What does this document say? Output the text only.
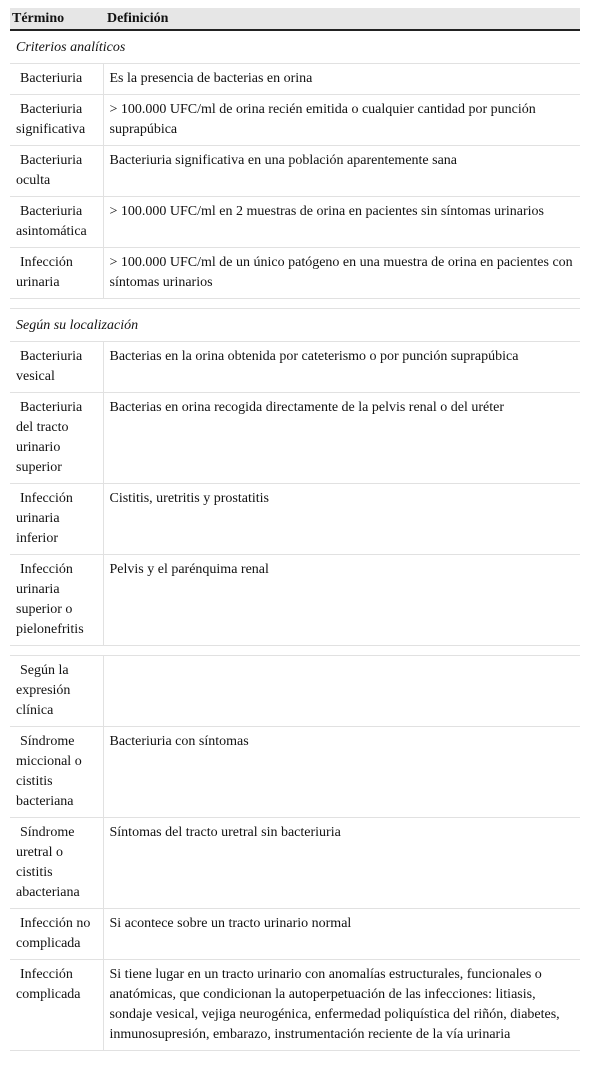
Término	Definición
Criterios analíticos	

Bacteriuria	Es la presencia de bacterias en orina

Bacteriuria significativa	> 100.000 UFC/ml de orina recién emitida o cualquier cantidad por punción suprapúbica

Bacteriuria oculta	Bacteriuria significativa en una población aparentemente sana

Bacteriuria asintomática	> 100.000 UFC/ml en 2 muestras de orina en pacientes sin síntomas urinarios

Infección urinaria	> 100.000 UFC/ml de un único patógeno en una muestra de orina en pacientes con síntomas urinarios

Según su localización	

Bacteriuria vesical	Bacterias en la orina obtenida por cateterismo o por punción suprapúbica

Bacteriuria del tracto urinario superior	Bacterias en orina recogida directamente de la pelvis renal o del uréter

Infección urinaria inferior	Cistitis, uretritis y prostatitis

Infección urinaria superior o pielonefritis	Pelvis y el parénquima renal

Según la expresión clínica	

Síndrome miccional o cistitis bacteriana	Bacteriuria con síntomas

Síndrome uretral o cistitis abacteriana	Síntomas del tracto uretral sin bacteriuria

Infección no complicada	Si acontece sobre un tracto urinario normal

Infección complicada	Si tiene lugar en un tracto urinario con anomalías estructurales, funcionales o anatómicas, que condicionan la autoperpetuación de las infecciones: litiasis, sondaje vesical, vejiga neurogénica, enfermedad poliquística del riñón, diabetes, inmunosupresión, embarazo, instrumentación reciente de la vía urinaria
